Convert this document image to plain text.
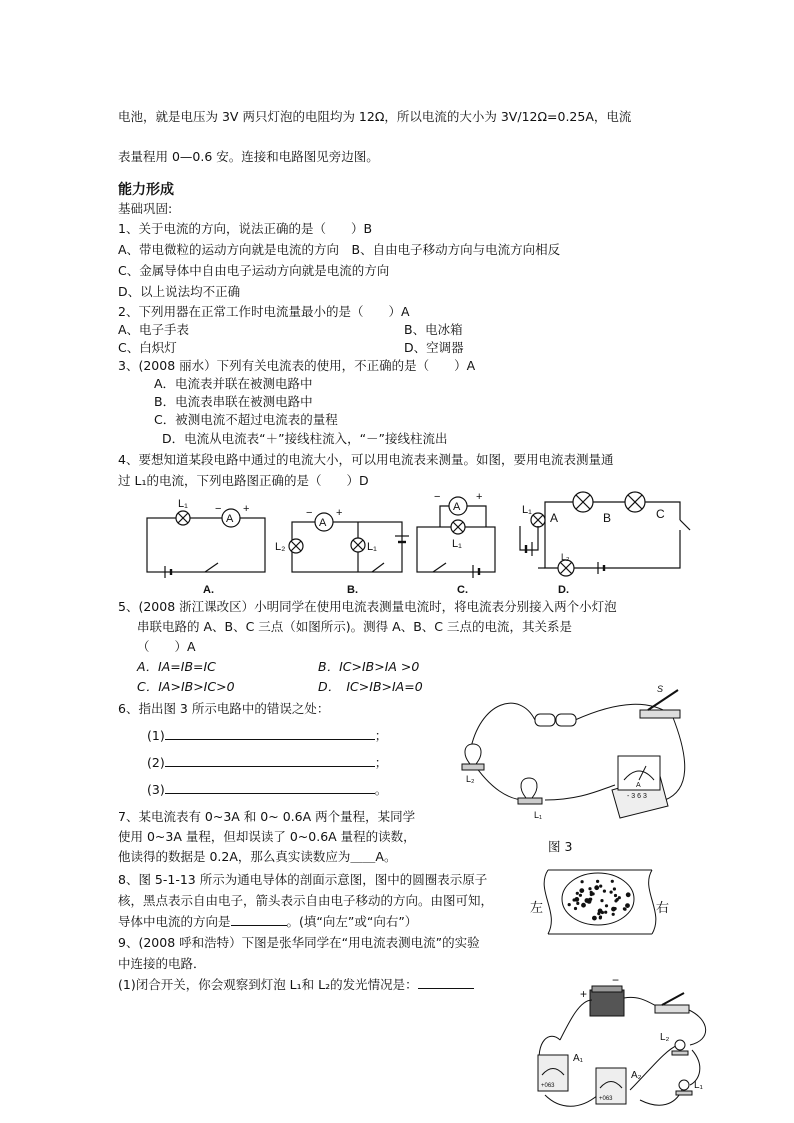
电池，就是电压为 3V 两只灯泡的电阻均为 12Ω，所以电流的大小为 3V/12Ω=0.25A，电流
表量程用 0—0.6 安。连接和电路图见旁边图。
能力形成
基础巩固:
1、关于电流的方向，说法正确的是（　　）B
A、带电微粒的运动方向就是电流的方向　B、自由电子移动方向与电流方向相反
C、金属导体中自由电子运动方向就是电流的方向
D、以上说法均不正确
2、下列用器在正常工作时电流量最小的是（　　）A
A、电子手表	B、电冰箱
C、白炽灯	D、空调器
3、(2008 丽水）下列有关电流表的使用，不正确的是（　　）A
A．电流表并联在被测电路中
B．电流表串联在被测电路中
C．被测电流不超过电流表的量程
D．电流从电流表“＋”接线柱流入，“－”接线柱流出
4、要想知道某段电路中通过的电流大小，可以用电流表来测量。如图，要用电流表测量通
过 L₁的电流，下列电路图正确的是（　　）D
L₁
A
− +
A.
A
− +
L₂	L₁
B.
A
−	+
L₁
C.
L₁
A	B	C
L₂
D.
5、(2008 浙江课改区）小明同学在使用电流表测量电流时，将电流表分别接入两个小灯泡
串联电路的 A、B、C 三点（如图所示)。测得 A、B、C 三点的电流，其关系是
（　　）A
A．IA=IB=IC	B．IC>IB>IA >0
C．IA>IB>IC>0	D．　IC>IB>IA=0
6、指出图 3 所示电路中的错误之处：
(1)	；
(2)	；
(3)	。
S
L₂
L₁
A
- 3 6 3
图 3
7、某电流表有 0~3A 和 0~ 0.6A 两个量程，某同学
使用 0~3A 量程，但却误读了 0~0.6A 量程的读数，
他读得的数据是 0.2A，那么真实读数应为＿＿A。
8、图 5-1-13 所示为通电导体的剖面示意图，图中的圆圈表示原子
核，黑点表示自由电子，箭头表示自由电子移动的方向。由图可知，
导体中电流的方向是	。(填“向左”或“向右”）
左	右
9、(2008 呼和浩特）下图是张华同学在“用电流表测电流”的实验
中连接的电路．
(1)闭合开关，你会观察到灯泡 L₁和 L₂的发光情况是：
+
−
A₁
A₂
L₂
L₁
+063
+063
